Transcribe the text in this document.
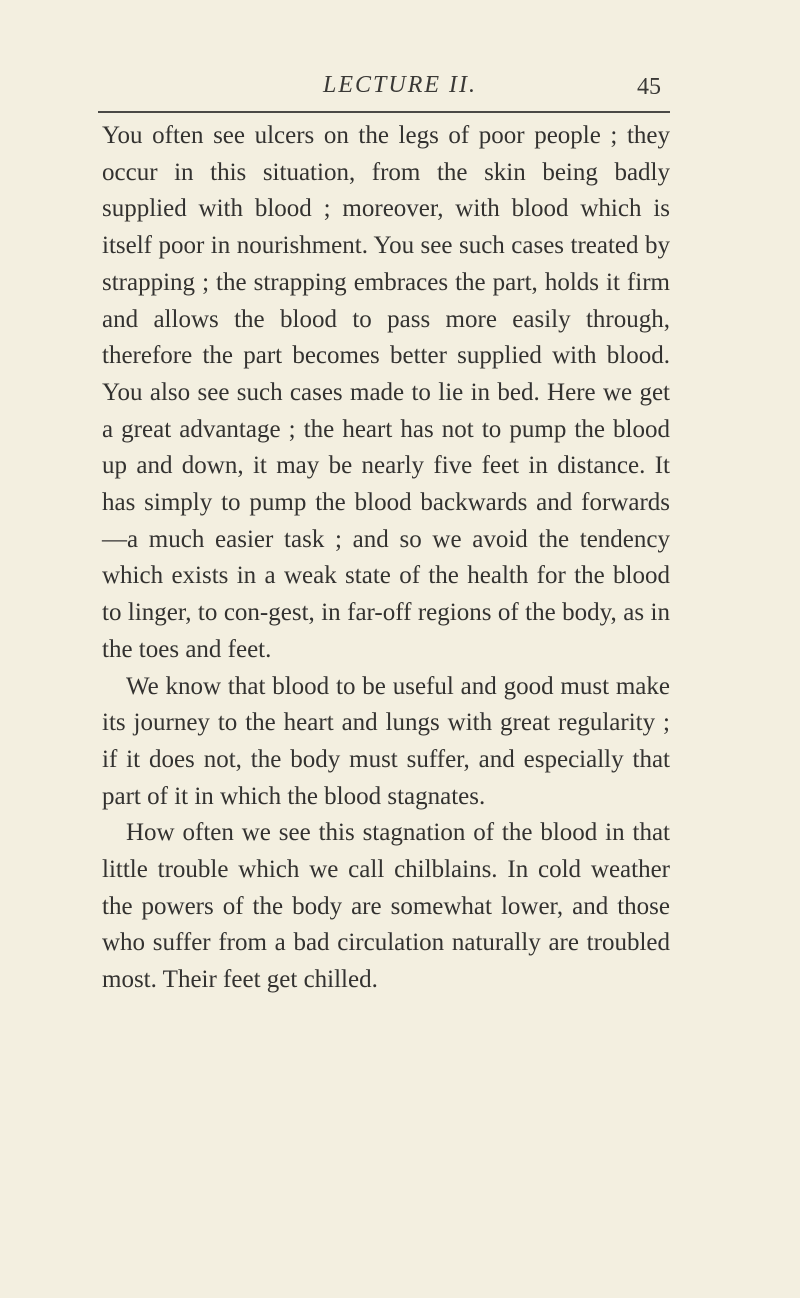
LECTURE II.	45

You often see ulcers on the legs of poor people ; they occur in this situation, from the skin being badly supplied with blood ; moreover, with blood which is itself poor in nourishment. You see such cases treated by strapping ; the strapping embraces the part, holds it firm and allows the blood to pass more easily through, therefore the part becomes better supplied with blood. You also see such cases made to lie in bed. Here we get a great advantage ; the heart has not to pump the blood up and down, it may be nearly five feet in distance. It has simply to pump the blood backwards and forwards—a much easier task ; and so we avoid the tendency which exists in a weak state of the health for the blood to linger, to con-gest, in far-off regions of the body, as in the toes and feet.

We know that blood to be useful and good must make its journey to the heart and lungs with great regularity ; if it does not, the body must suffer, and especially that part of it in which the blood stagnates.

How often we see this stagnation of the blood in that little trouble which we call chilblains. In cold weather the powers of the body are somewhat lower, and those who suffer from a bad circulation naturally are troubled most. Their feet get chilled.
